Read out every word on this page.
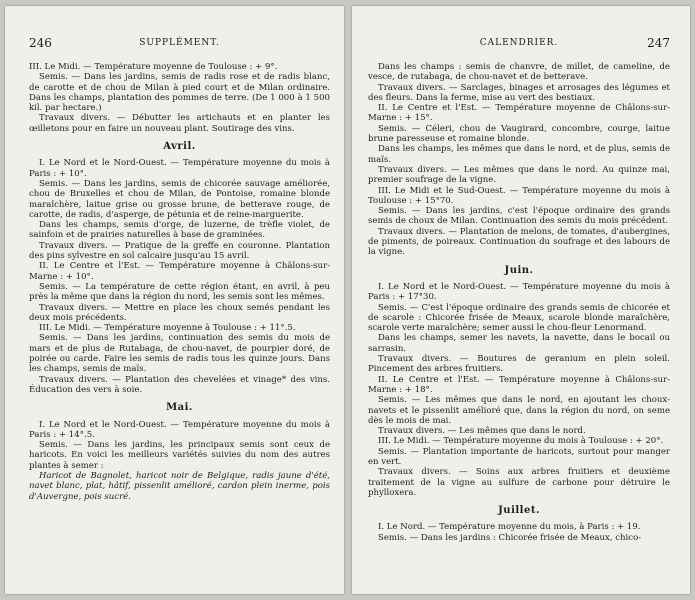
246	SUPPLÉMENT.

III. Le Midi. — Température moyenne de Toulouse : + 9°.

Semis. — Dans les jardins, semis de radis rose et de radis blanc, de carotte et de chou de Milan à pied court et de Milan ordinaire. Dans les champs, plantation des pommes de terre. (De 1 000 à 1 500 kil. par hectare.)

Travaux divers. — Débutter les artichauts et en planter les œilletons pour en faire un nouveau plant. Soutirage des vins.

Avril.

I. Le Nord et le Nord-Ouest. — Température moyenne du mois à Paris : + 10°.

Semis. — Dans les jardins, semis de chicorée sauvage améliorée, chou de Bruxelles et chou de Milan, de Pontoise, romaine blonde maraîchère, laitue grise ou grosse brune, de betterave rouge, de carotte, de radis, d'asperge, de pétunia et de reine-marguerite.

Dans les champs, semis d'orge, de luzerne, de trèfle violet, de sainfoin et de prairies naturelles à base de graminées.

Travaux divers. — Pratique de la greffe en couronne. Plantation des pins sylvestre en sol calcaire jusqu'au 15 avril.

II. Le Centre et l'Est. — Température moyenne à Châlons-sur-Marne : + 10°.

Semis. — La température de cette région étant, en avril, à peu près la même que dans la région du nord, les semis sont les mêmes.

Travaux divers. — Mettre en place les choux semés pendant les deux mois précédents.

III. Le Midi. — Température moyenne à Toulouse : + 11°.5.

Semis. — Dans les jardins, continuation des semis du mois de mars et de plus de Rutabaga, de chou-navet, de pourpier doré, de poirée ou carde. Faire les semis de radis tous les quinze jours. Dans les champs, semis de maïs.

Travaux divers. — Plantation des chevelées et vinage* des vins. Éducation des vers à soie.

Mai.

I. Le Nord et le Nord-Ouest. — Température moyenne du mois à Paris : + 14°.5.

Semis. — Dans les jardins, les principaux semis sont ceux de haricots. En voici les meilleurs variétés suivies du nom des autres plantes à semer :

Haricot de Bagnolet, haricot noir de Belgique, radis jaune d'été, navet blanc, plat, hâtif, pissenlit amélioré, cardon plein inerme, pois d'Auvergne, pois sucré.

CALENDRIER.	247

Dans les champs : semis de chanvre, de millet, de cameline, de vesce, de rutabaga, de chou-navet et de betterave.

Travaux divers. — Sarclages, binages et arrosages des légumes et des fleurs. Dans la ferme, mise au vert des bestiaux.

II. Le Centre et l'Est. — Température moyenne de Châlons-sur-Marne : + 15°.

Semis. — Céleri, chou de Vaugirard, concombre, courge, laitue brune paresseuse et romaine blonde.

Dans les champs, les mêmes que dans le nord, et de plus, semis de maïs.

Travaux divers. — Les mêmes que dans le nord. Au quinze mai, premier soufrage de la vigne.

III. Le Midi et le Sud-Ouest. — Température moyenne du mois à Toulouse : + 15°70.

Semis. — Dans les jardins, c'est l'époque ordinaire des grands semis de choux de Milan. Continuation des semis du mois précédent.

Travaux divers. — Plantation de melons, de tomates, d'aubergines, de piments, de poireaux. Continuation du soufrage et des labours de la vigne.

Juin.

I. Le Nord et le Nord-Ouest. — Température moyenne du mois à Paris : + 17°30.

Semis. — C'est l'époque ordinaire des grands semis de chicorée et de scarole : Chicorée frisée de Meaux, scarole blonde maraîchère, scarole verte maraîchère; semer aussi le chou-fleur Lenormand.

Dans les champs, semer les navets, la navette, dans le bocail ou sarrasin.

Travaux divers. — Boutures de geranium en plein soleil. Pincement des arbres fruitiers.

II. Le Centre et l'Est. — Température moyenne à Châlons-sur-Marne : + 18°.

Semis. — Les mêmes que dans le nord, en ajoutant les choux-navets et le pissenlit amélioré que, dans la région du nord, on seme dès le mois de mai.

Travaux divers. — Les mêmes que dans le nord.

III. Le Midi. — Température moyenne du mois à Toulouse : + 20°.

Semis. — Plantation importante de haricots, surtout pour manger en vert.

Travaux divers. — Soins aux arbres fruitiers et deuxième traitement de la vigne au sulfure de carbone pour détruire le phylloxera.

Juillet.

I. Le Nord. — Température moyenne du mois, à Paris : + 19.

Semis. — Dans les jardins : Chicorée frisée de Meaux, chico-
